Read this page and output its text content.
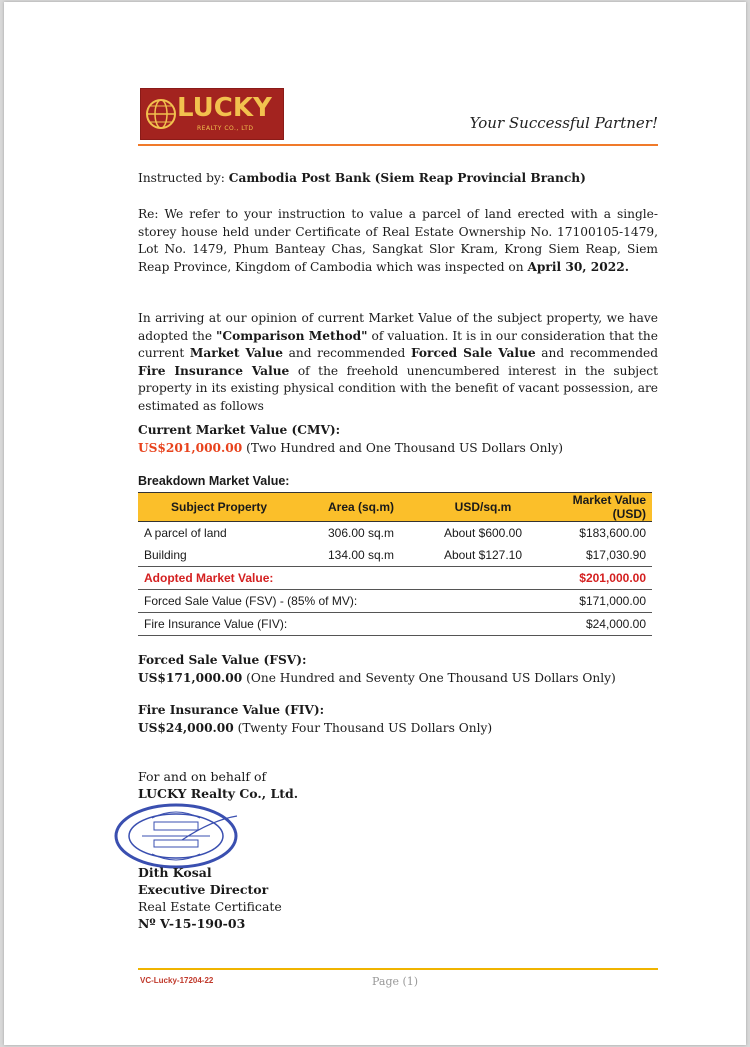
LUCKY
REALTY CO., LTD	Your Successful Partner!
Instructed by: Cambodia Post Bank (Siem Reap Provincial Branch)
Re: We refer to your instruction to value a parcel of land erected with a single-storey house held under Certificate of Real Estate Ownership No. 17100105-1479, Lot No. 1479, Phum Banteay Chas, Sangkat Slor Kram, Krong Siem Reap, Siem Reap Province, Kingdom of Cambodia which was inspected on April 30, 2022.
In arriving at our opinion of current Market Value of the subject property, we have adopted the "Comparison Method" of valuation. It is in our consideration that the current Market Value and recommended Forced Sale Value and recommended Fire Insurance Value of the freehold unencumbered interest in the subject property in its existing physical condition with the benefit of vacant possession, are estimated as follows
Current Market Value (CMV):
US$201,000.00 (Two Hundred and One Thousand US Dollars Only)
Breakdown Market Value:
Subject Property	Area (sq.m)	USD/sq.m	Market Value (USD)
A parcel of land	306.00 sq.m	About $600.00	$183,600.00
Building	134.00 sq.m	About $127.10	$17,030.90
Adopted Market Value:			$201,000.00
Forced Sale Value (FSV) - (85% of MV):			$171,000.00
Fire Insurance Value (FIV):			$24,000.00
Forced Sale Value (FSV):
US$171,000.00 (One Hundred and Seventy One Thousand US Dollars Only)
Fire Insurance Value (FIV):
US$24,000.00 (Twenty Four Thousand US Dollars Only)
For and on behalf of
LUCKY Realty Co., Ltd.
Dith Kosal
Executive Director
Real Estate Certificate
Nº V-15-190-03
VC-Lucky-17204-22	Page (1)
